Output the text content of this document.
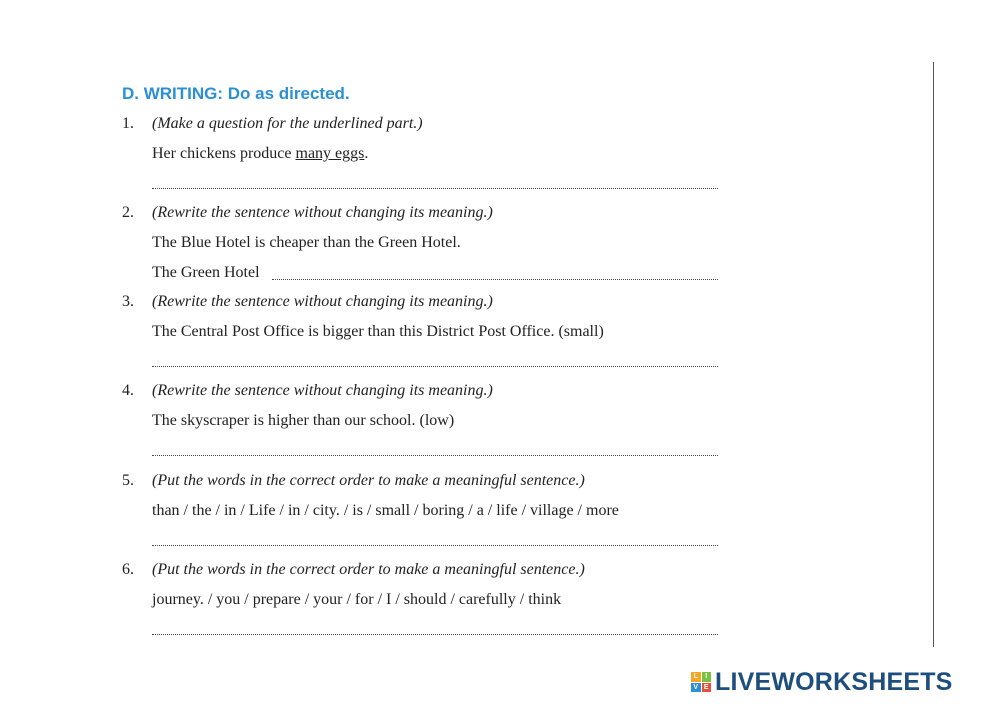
D. WRITING: Do as directed.
1.	(Make a question for the underlined part.)
Her chickens produce many eggs.
2.	(Rewrite the sentence without changing its meaning.)
The Blue Hotel is cheaper than the Green Hotel.
The Green Hotel
3.	(Rewrite the sentence without changing its meaning.)
The Central Post Office is bigger than this District Post Office. (small)
4.	(Rewrite the sentence without changing its meaning.)
The skyscraper is higher than our school. (low)
5.	(Put the words in the correct order to make a meaningful sentence.)
than / the / in / Life / in / city. / is / small / boring / a / life / village / more
6.	(Put the words in the correct order to make a meaningful sentence.)
journey. / you / prepare / your / for / I / should / carefully / think
L	I
V E LIVEWORKSHEETS
